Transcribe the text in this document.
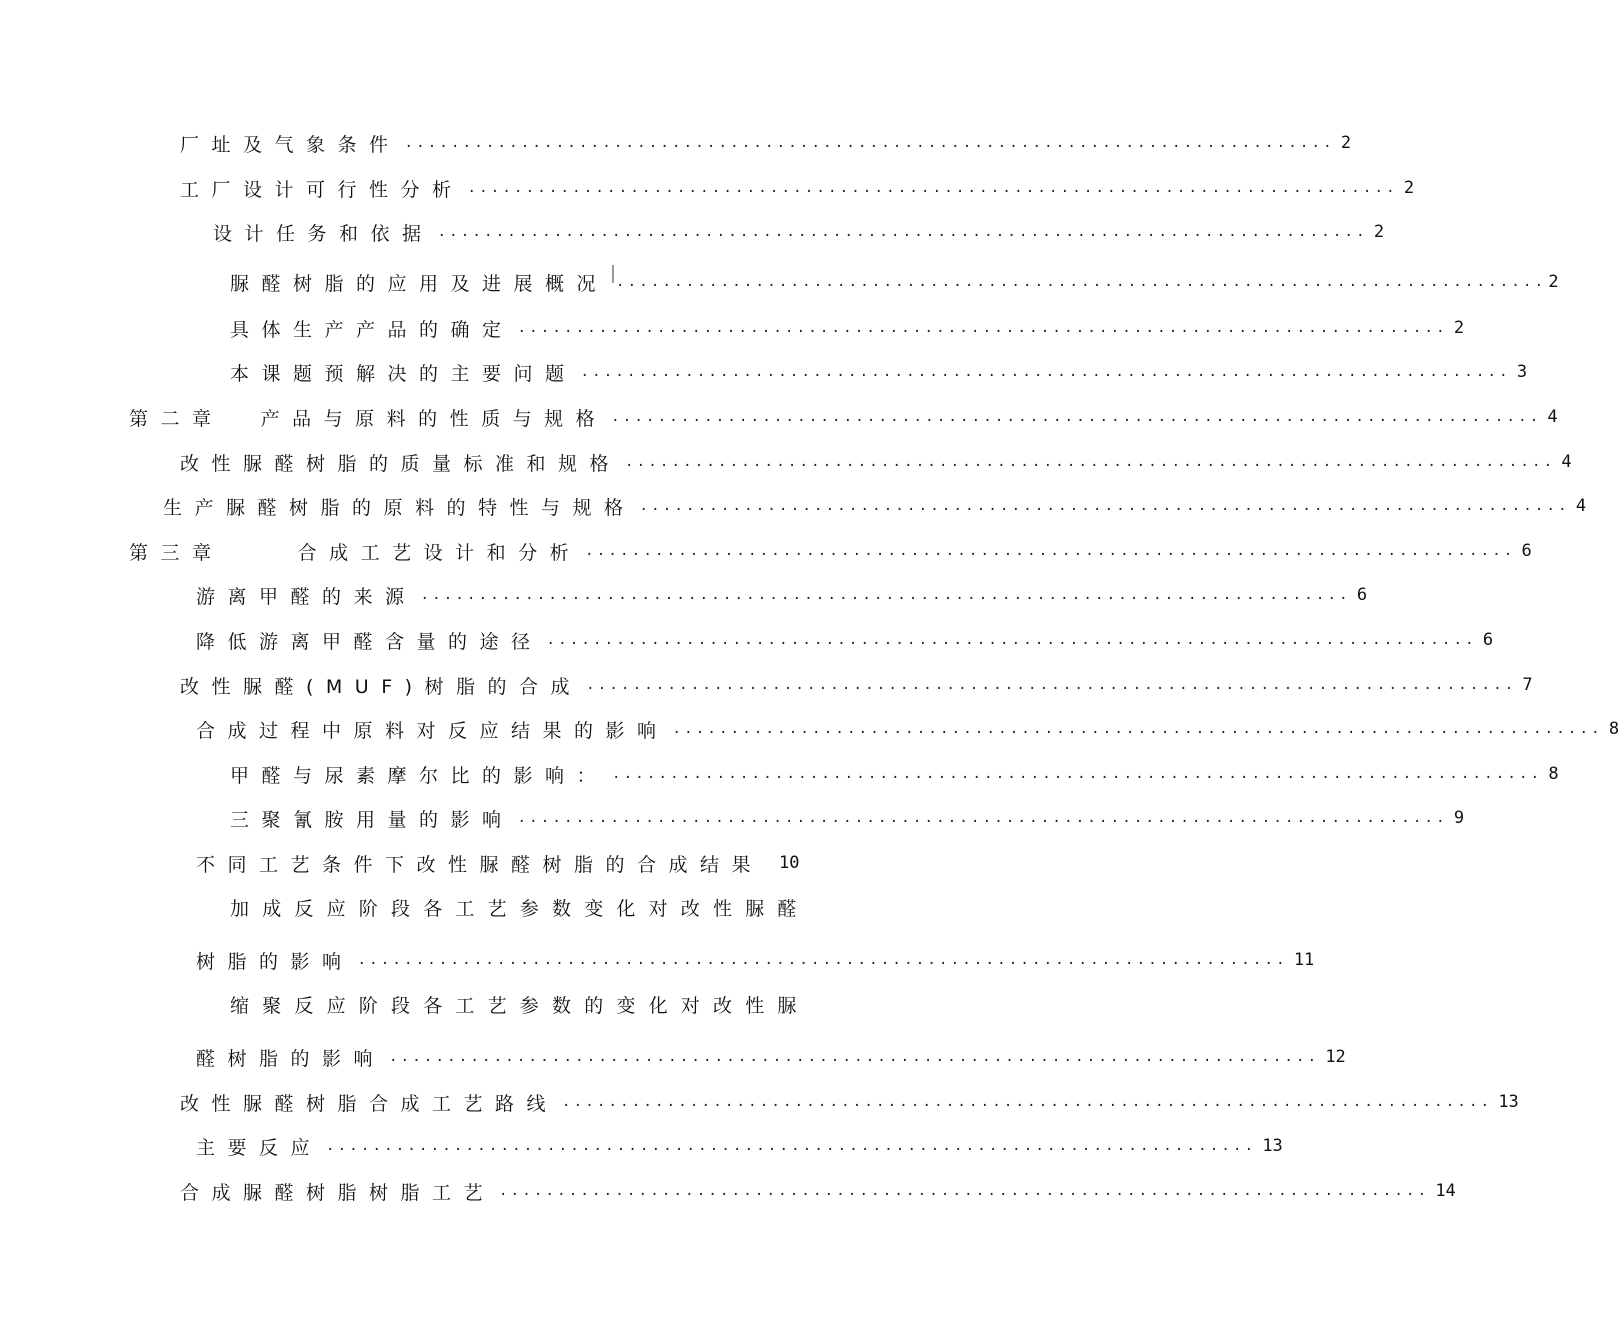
厂址及气象条件 ................................................................................ 2
工厂设计可行性分析 ................................................................................ 2
设计任务和依据 ................................................................................ 2
脲醛树脂的应用及进展概况 ................................................................................ 2
具体生产产品的确定 ................................................................................ 2
本课题预解决的主要问题 ................................................................................ 3
第二章  产品与原料的性质与规格 ................................................................................ 4
改性脲醛树脂的质量标准和规格 ................................................................................ 4
生产脲醛树脂的原料的特性与规格 ................................................................................ 4
第三章    合成工艺设计和分析 ................................................................................ 6
游离甲醛的来源 ................................................................................ 6
降低游离甲醛含量的途径 ................................................................................ 6
改性脲醛(MUF)树脂的合成 ................................................................................ 7
合成过程中原料对反应结果的影响 ................................................................................ 8
甲醛与尿素摩尔比的影响： ................................................................................ 8
三聚氰胺用量的影响 ................................................................................ 9
不同工艺条件下改性脲醛树脂的合成结果 10
加成反应阶段各工艺参数变化对改性脲醛
树脂的影响 ................................................................................ 11
缩聚反应阶段各工艺参数的变化对改性脲
醛树脂的影响 ................................................................................ 12
改性脲醛树脂合成工艺路线 ................................................................................ 13
主要反应 ................................................................................ 13
合成脲醛树脂树脂工艺 ................................................................................ 14
